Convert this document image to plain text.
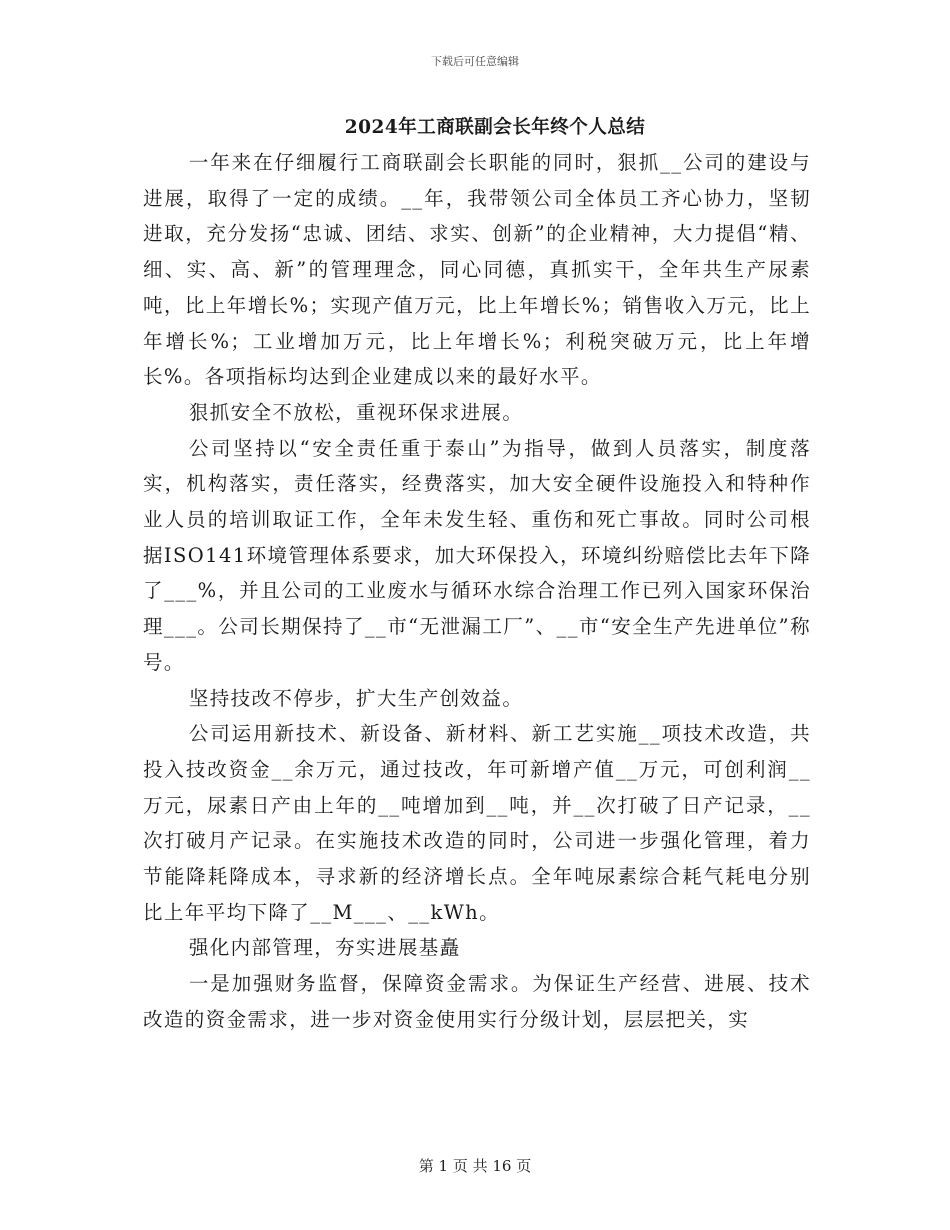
下载后可任意编辑
2024年工商联副会长年终个人总结

一年来在仔细履行工商联副会长职能的同时，狠抓__公司的建设与进展，取得了一定的成绩。__年，我带领公司全体员工齐心协力，坚韧进取，充分发扬“忠诚、团结、求实、创新”的企业精神，大力提倡“精、细、实、高、新”的管理理念，同心同德，真抓实干，全年共生产尿素吨，比上年增长%；实现产值万元，比上年增长%；销售收入万元，比上年增长%；工业增加万元，比上年增长%；利税突破万元，比上年增长%。各项指标均达到企业建成以来的最好水平。

狠抓安全不放松，重视环保求进展。

公司坚持以“安全责任重于泰山”为指导，做到人员落实，制度落实，机构落实，责任落实，经费落实，加大安全硬件设施投入和特种作业人员的培训取证工作，全年未发生轻、重伤和死亡事故。同时公司根据ISO141环境管理体系要求，加大环保投入，环境纠纷赔偿比去年下降了___%，并且公司的工业废水与循环水综合治理工作已列入国家环保治理___。公司长期保持了__市“无泄漏工厂”、__市“安全生产先进单位”称号。

坚持技改不停步，扩大生产创效益。

公司运用新技术、新设备、新材料、新工艺实施__项技术改造，共投入技改资金__余万元，通过技改，年可新增产值__万元，可创利润__万元，尿素日产由上年的__吨增加到__吨，并__次打破了日产记录，__次打破月产记录。在实施技术改造的同时，公司进一步强化管理，着力节能降耗降成本，寻求新的经济增长点。全年吨尿素综合耗气耗电分别比上年平均下降了__M___、__kWh。

强化内部管理，夯实进展基矗

一是加强财务监督，保障资金需求。为保证生产经营、进展、技术改造的资金需求，进一步对资金使用实行分级计划，层层把关，实

第 1 页 共 16 页
